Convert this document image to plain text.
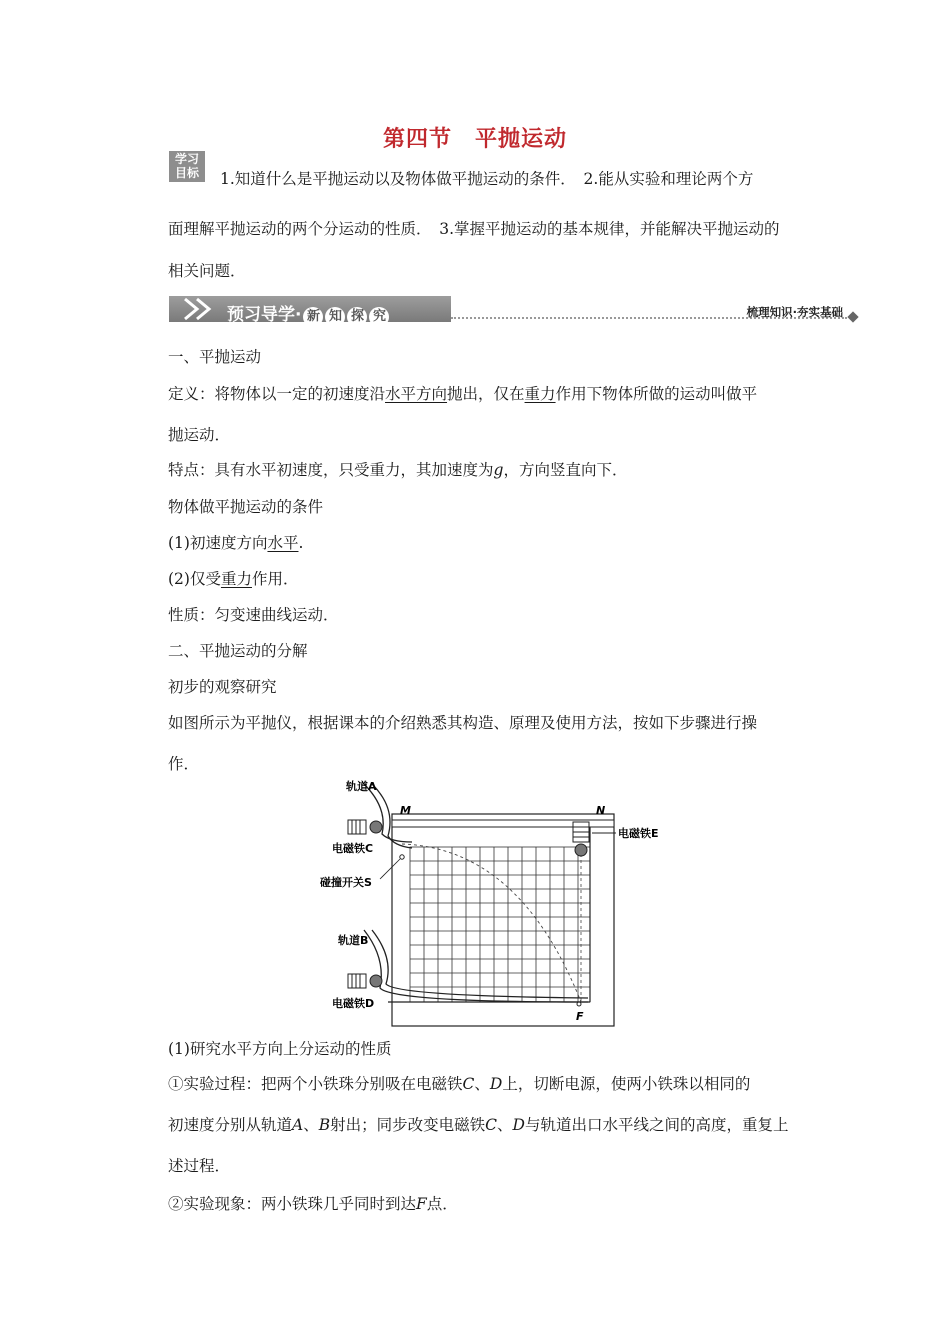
第四节　平抛运动
学习
目标	1.知道什么是平抛运动以及物体做平抛运动的条件．　2.能从实验和理论两个方
面理解平抛运动的两个分运动的性质．　3.掌握平抛运动的基本规律，并能解决平抛运动的
相关问题．
预习导学· 新 知 探 究	梳理知识·夯实基础
一、平抛运动
定义：将物体以一定的初速度沿水平方向抛出，仅在重力作用下物体所做的运动叫做平
抛运动．
特点：具有水平初速度，只受重力，其加速度为g，方向竖直向下．
物体做平抛运动的条件
(1)初速度方向水平.
(2)仅受重力作用．
性质：匀变速曲线运动．
二、平抛运动的分解
初步的观察研究
如图所示为平抛仪，根据课本的介绍熟悉其构造、原理及使用方法，按如下步骤进行操
作．
轨道A
M	N
电磁铁E
电磁铁C
碰撞开关S
轨道B
电磁铁D
F
(1)研究水平方向上分运动的性质
①实验过程：把两个小铁珠分别吸在电磁铁C、D上，切断电源，使两小铁珠以相同的
初速度分别从轨道A、B射出；同步改变电磁铁C、D与轨道出口水平线之间的高度，重复上
述过程．
②实验现象：两小铁珠几乎同时到达F点．
